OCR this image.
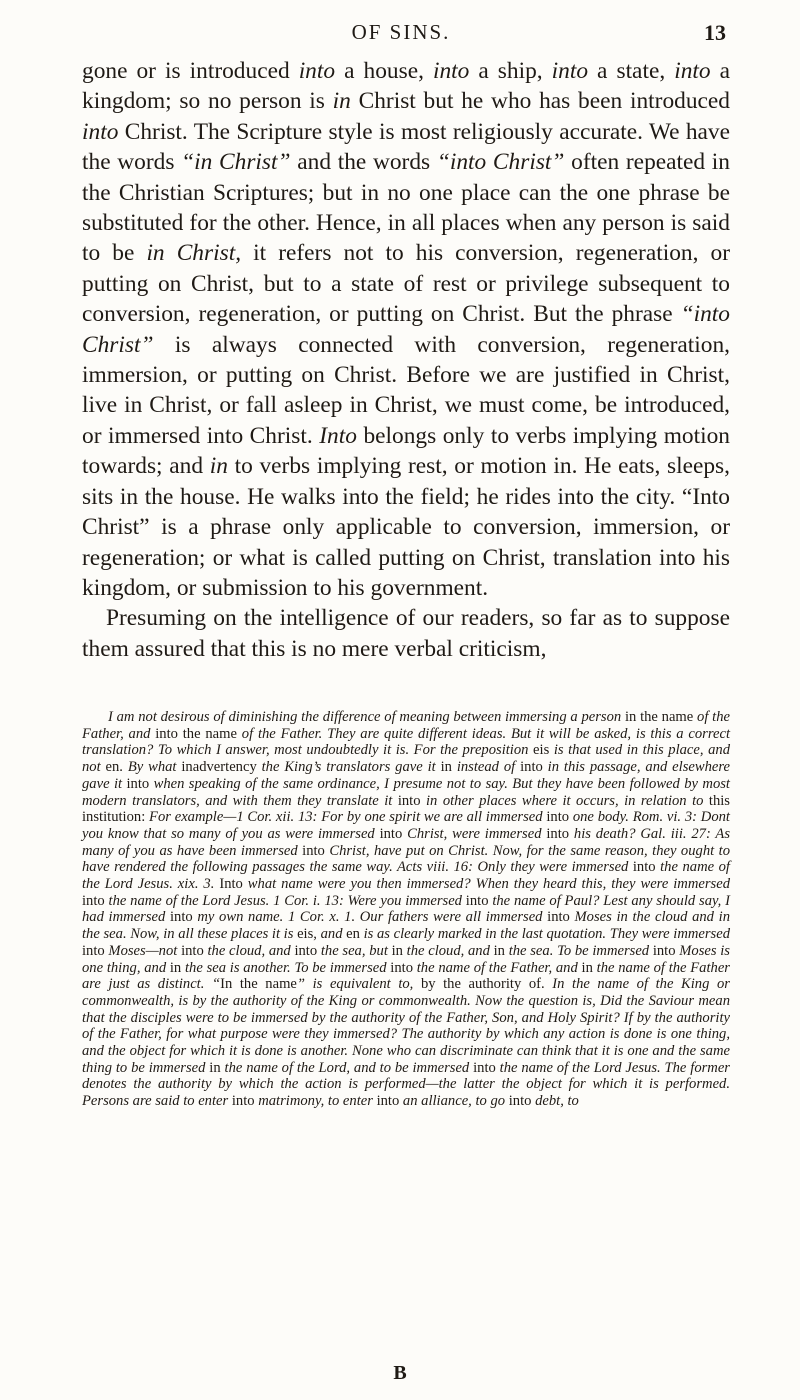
OF SINS.	13

gone or is introduced into a house, into a ship, into a state, into a kingdom; so no person is in Christ but he who has been introduced into Christ. The Scripture style is most religiously accurate. We have the words “in Christ” and the words “into Christ” often repeated in the Christian Scriptures; but in no one place can the one phrase be substituted for the other. Hence, in all places when any person is said to be in Christ, it refers not to his conversion, regeneration, or putting on Christ, but to a state of rest or privilege subsequent to conversion, regeneration, or putting on Christ. But the phrase “into Christ” is always connected with conversion, regeneration, immersion, or putting on Christ. Before we are justified in Christ, live in Christ, or fall asleep in Christ, we must come, be introduced, or immersed into Christ. Into belongs only to verbs implying motion towards; and in to verbs implying rest, or motion in. He eats, sleeps, sits in the house. He walks into the field; he rides into the city. “Into Christ” is a phrase only applicable to conversion, immersion, or regeneration; or what is called putting on Christ, translation into his kingdom, or submission to his government.

Presuming on the intelligence of our readers, so far as to suppose them assured that this is no mere verbal criticism,

I am not desirous of diminishing the difference of meaning between immersing a person in the name of the Father, and into the name of the Father. They are quite different ideas. But it will be asked, is this a correct translation? To which I answer, most undoubtedly it is. For the preposition eis is that used in this place, and not en. By what inadvertency the King’s translators gave it in instead of into in this passage, and elsewhere gave it into when speaking of the same ordinance, I presume not to say. But they have been followed by most modern translators, and with them they translate it into in other places where it occurs, in relation to this institution: For example—1 Cor. xii. 13: For by one spirit we are all immersed into one body. Rom. vi. 3: Dont you know that so many of you as were immersed into Christ, were immersed into his death? Gal. iii. 27: As many of you as have been immersed into Christ, have put on Christ. Now, for the same reason, they ought to have rendered the following passages the same way. Acts viii. 16: Only they were immersed into the name of the Lord Jesus. xix. 3. Into what name were you then immersed? When they heard this, they were immersed into the name of the Lord Jesus. 1 Cor. i. 13: Were you immersed into the name of Paul? Lest any should say, I had immersed into my own name. 1 Cor. x. 1. Our fathers were all immersed into Moses in the cloud and in the sea. Now, in all these places it is eis, and en is as clearly marked in the last quotation. They were immersed into Moses—not into the cloud, and into the sea, but in the cloud, and in the sea. To be immersed into Moses is one thing, and in the sea is another. To be immersed into the name of the Father, and in the name of the Father are just as distinct. “In the name” is equivalent to, by the authority of. In the name of the King or commonwealth, is by the authority of the King or commonwealth. Now the question is, Did the Saviour mean that the disciples were to be immersed by the authority of the Father, Son, and Holy Spirit? If by the authority of the Father, for what purpose were they immersed? The authority by which any action is done is one thing, and the object for which it is done is another. None who can discriminate can think that it is one and the same thing to be immersed in the name of the Lord, and to be immersed into the name of the Lord Jesus. The former denotes the authority by which the action is performed—the latter the object for which it is performed. Persons are said to enter into matrimony, to enter into an alliance, to go into debt, to

B
